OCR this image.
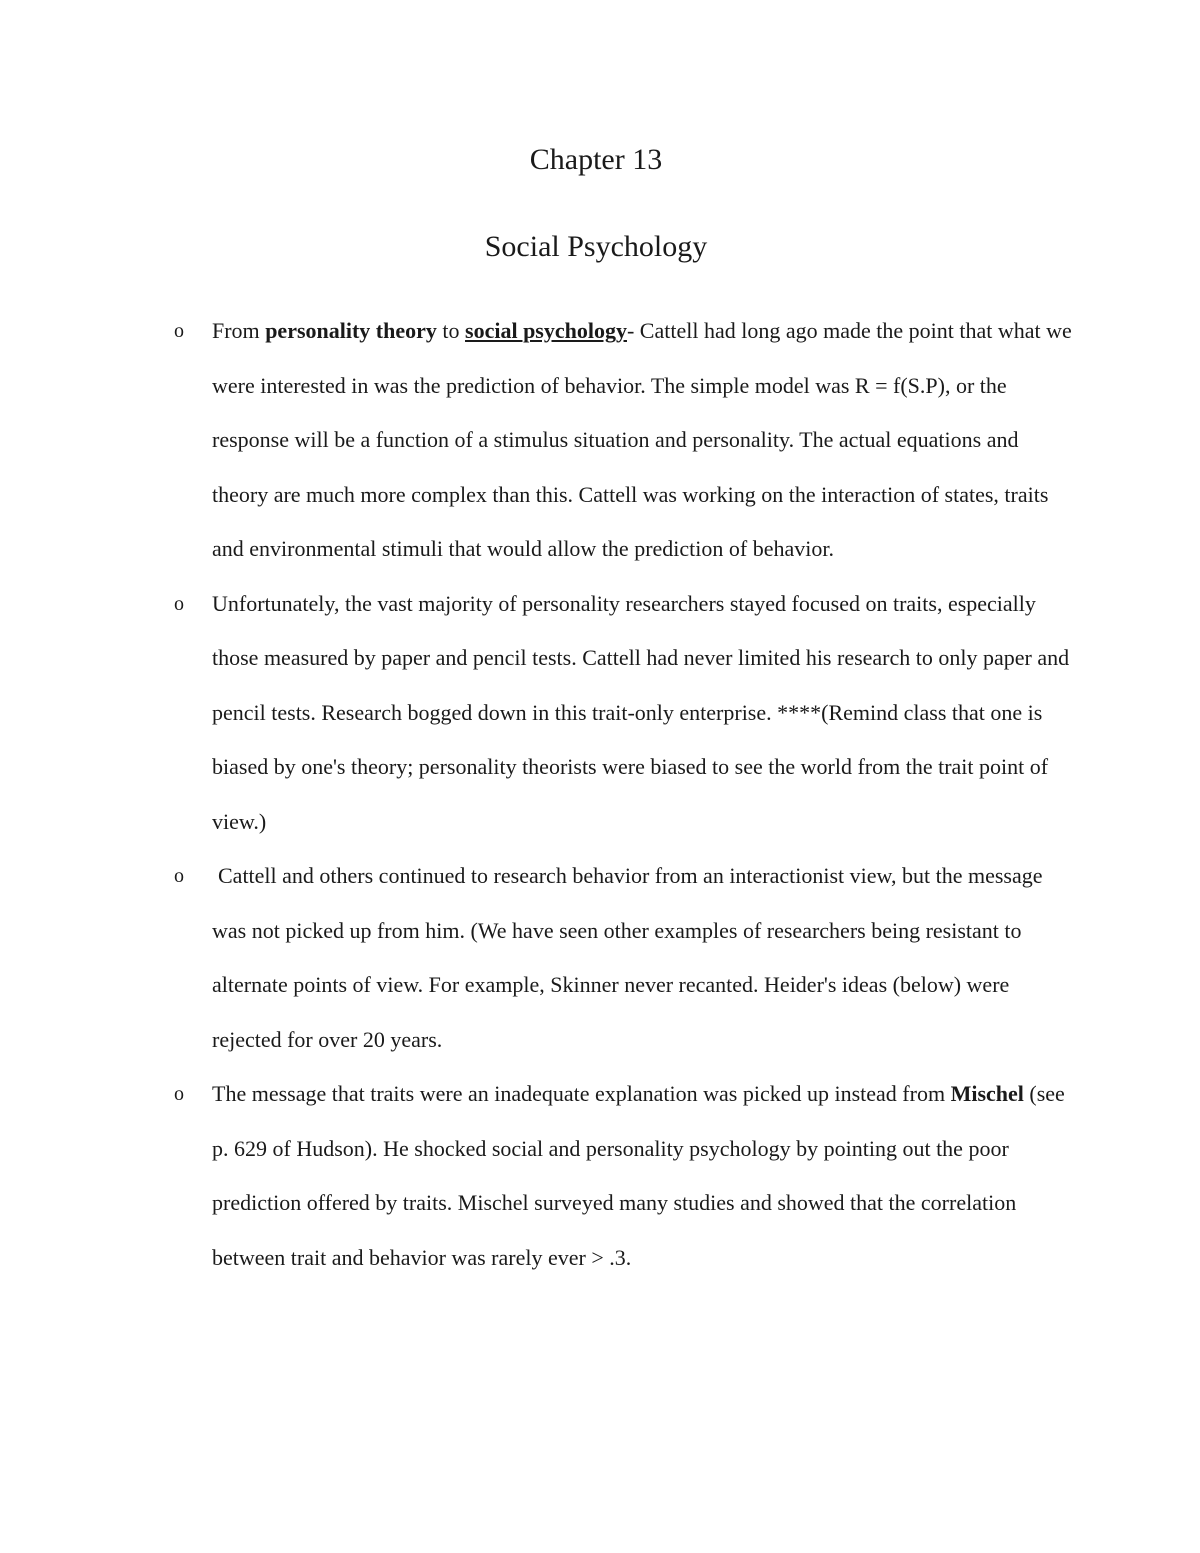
Chapter 13
Social Psychology
o From personality theory to social psychology- Cattell had long ago made the point that what we were interested in was the prediction of behavior. The simple model was R = f(S.P), or the response will be a function of a stimulus situation and personality. The actual equations and theory are much more complex than this. Cattell was working on the interaction of states, traits and environmental stimuli that would allow the prediction of behavior.
o Unfortunately, the vast majority of personality researchers stayed focused on traits, especially those measured by paper and pencil tests. Cattell had never limited his research to only paper and pencil tests. Research bogged down in this trait-only enterprise. ****(Remind class that one is biased by one's theory; personality theorists were biased to see the world from the trait point of view.)
o Cattell and others continued to research behavior from an interactionist view, but the message was not picked up from him. (We have seen other examples of researchers being resistant to alternate points of view. For example, Skinner never recanted. Heider's ideas (below) were rejected for over 20 years.
o The message that traits were an inadequate explanation was picked up instead from Mischel (see p. 629 of Hudson). He shocked social and personality psychology by pointing out the poor prediction offered by traits. Mischel surveyed many studies and showed that the correlation between trait and behavior was rarely ever > .3.
